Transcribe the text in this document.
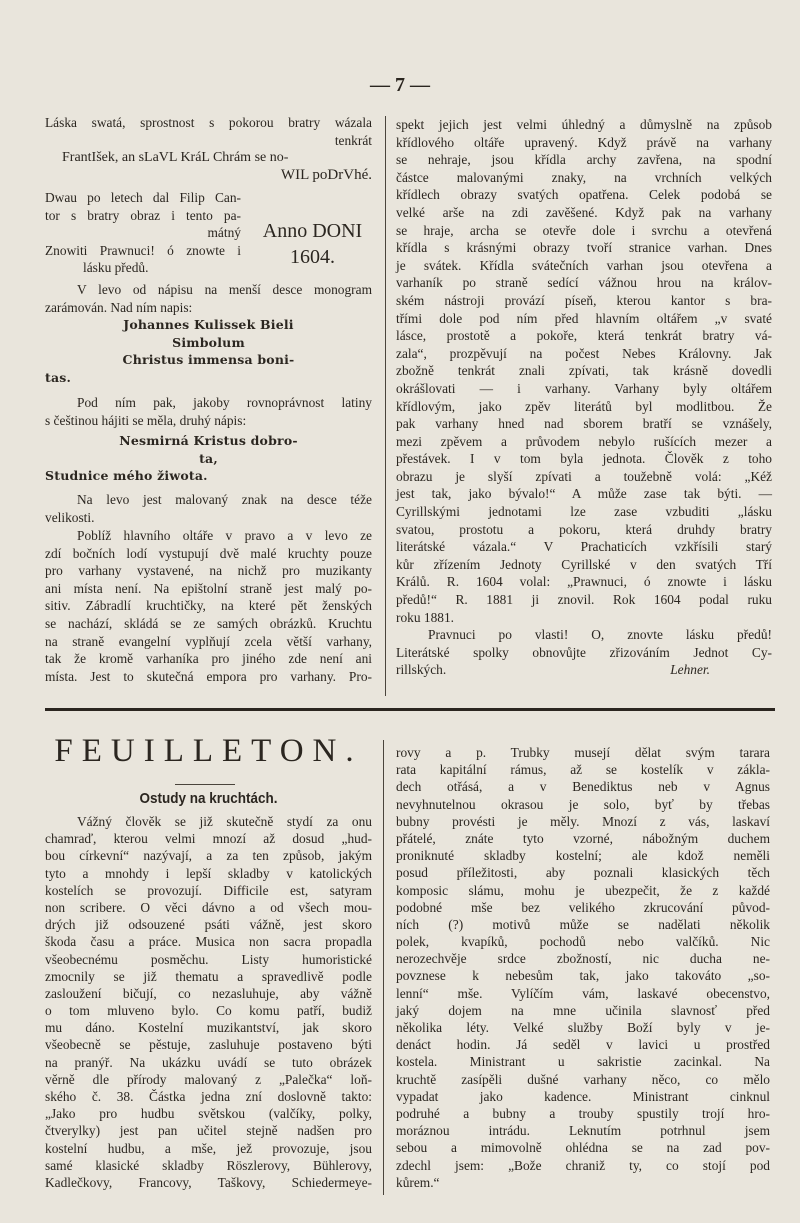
— 7 —
Láska swatá, sprostnost s pokorou bratry wázala
tenkrát
FrantIšek, an sLaVL KráL Chrám se no-
WIL poDrVhé.
Dwau po letech dal Filip Can-
tor s bratry obraz i tento pa-
mátný
Znowiti Prawnuci! ó znowte i
lásku předů.
Anno DONI
1604.
V levo od nápisu na menší desce monogram
zarámován. Nad ním napis:
Johannes Kulissek Bieli
Simbolum
Christus immensa boni-
tas.
Pod ním pak, jakoby rovnoprávnost latiny
s češtinou hájiti se měla, druhý nápis:
Nesmirná Kristus dobro-
ta,
Studnice mého žiwota.
Na levo jest malovaný znak na desce téže
velikosti.
Poblíž hlavního oltáře v pravo a v levo ze
zdí bočních lodí vystupují dvě malé kruchty pouze
pro varhany vystavené, na nichž pro muzikanty
ani místa není. Na epištolní straně jest malý po-
sitiv. Zábradlí kruchtičky, na které pět ženských
se nachází, skládá se ze samých obrázků. Kruchtu
na straně evangelní vyplňují zcela větší varhany,
tak že kromě varhaníka pro jiného zde není ani
místa. Jest to skutečná empora pro varhany. Pro-
spekt jejich jest velmi úhledný a důmyslně na způsob
křídlového oltáře upravený. Když právě na varhany
se nehraje, jsou křídla archy zavřena, na spodní
částce malovanými znaky, na vrchních velkých
křídlech obrazy svatých opatřena. Celek podobá se
velké arše na zdi zavěšené. Když pak na varhany
se hraje, archa se otevře dole i svrchu a otevřená
křídla s krásnými obrazy tvoří stranice varhan. Dnes
je svátek. Křídla svátečních varhan jsou otevřena a
varhaník po straně sedící vážnou hrou na králov-
ském nástroji provází píseň, kterou kantor s bra-
třími dole pod ním před hlavním oltářem „v svaté
lásce, prostotě a pokoře, která tenkrát bratry vá-
zala“, prozpěvují na počest Nebes Královny. Jak
zbožně tenkrát znali zpívati, tak krásně dovedli
okrášlovati — i varhany. Varhany byly oltářem
křídlovým, jako zpěv literátů byl modlitbou. Že
pak varhany hned nad sborem bratří se vznášely,
mezi zpěvem a průvodem nebylo rušících mezer a
přestávek. I v tom byla jednota. Člověk z toho
obrazu je slyší zpívati a toužebně volá: „Kéž
jest tak, jako bývalo!“ A může zase tak býti. —
Cyrillskými jednotami lze zase vzbuditi „lásku
svatou, prostotu a pokoru, která druhdy bratry
literátské vázala.“ V Prachaticích vzkřísili starý
kůr zřízením Jednoty Cyrillské v den svatých Tří
Králů. R. 1604 volal: „Prawnuci, ó znowte i lásku
předů!“ R. 1881 ji znovil. Rok 1604 podal ruku
roku 1881.
Pravnuci po vlasti! O, znovte lásku předů!
Literátské spolky obnovůjte zřizováním Jednot Cy-
rillských.	Lehner.
FEUILLETON.
Ostudy na kruchtách.
Vážný člověk se již skutečně stydí za onu
chamraď, kterou velmi mnozí až dosud „hud-
bou církevní“ nazývají, a za ten způsob, jakým
tyto a mnohdy i lepší skladby v katolických
kostelích se provozují. Difficile est, satyram
non scribere. O věci dávno a od všech mou-
drých již odsouzené psáti vážně, jest skoro
škoda času a práce. Musica non sacra propadla
všeobecnému posměchu. Listy humoristické
zmocnily se již thematu a spravedlivě podle
zasloužení bičují, co nezasluhuje, aby vážně
o tom mluveno bylo. Co komu patří, budiž
mu dáno. Kostelní muzikantství, jak skoro
všeobecně se pěstuje, zasluhuje postaveno býti
na pranýř. Na ukázku uvádí se tuto obrázek
věrně dle přírody malovaný z „Palečka“ loň-
ského č. 38. Částka jedna zní doslovně takto:
„Jako pro hudbu světskou (valčíky, polky,
čtverylky) jest pan učitel stejně nadšen pro
kostelní hudbu, a mše, jež provozuje, jsou
samé klasické skladby Röszlerovy, Bühlerovy,
Kadlečkovy, Francovy, Taškovy, Schiedermeye-
rovy a p. Trubky musejí dělat svým tarara
rata kapitální rámus, až se kostelík v zákla-
dech otřásá, a v Benediktus neb v Agnus
nevyhnutelnou okrasou je solo, byť by třebas
bubny provésti je měly. Mnozí z vás, laskaví
přátelé, znáte tyto vzorné, nábožným duchem
proniknuté skladby kostelní; ale kdož neměli
posud příležitosti, aby poznali klasických těch
komposic slámu, mohu je ubezpečit, že z každé
podobné mše bez velikého zkrucování původ-
ních (?) motivů může se nadělati několik
polek, kvapíků, pochodů nebo valčíků. Nic
nerozechvěje srdce zbožností, nic ducha ne-
povznese k nebesům tak, jako takováto „so-
lenní“ mše. Vylíčím vám, laskavé obecenstvo,
jaký dojem na mne učinila slavnosť před
několika léty. Velké služby Boží byly v je-
denáct hodin. Já seděl v lavici u prostřed
kostela. Ministrant u sakristie zacinkal. Na
kruchtě zasípěli dušné varhany něco, co mělo
vypadat jako kadence. Ministrant cinknul
podruhé a bubny a trouby spustily trojí hro-
moráznou intrádu. Leknutím potrhnul jsem
sebou a mimovolně ohlédna se na zad pov-
zdechl jsem: „Bože chraniž ty, co stojí pod
kůrem.“
